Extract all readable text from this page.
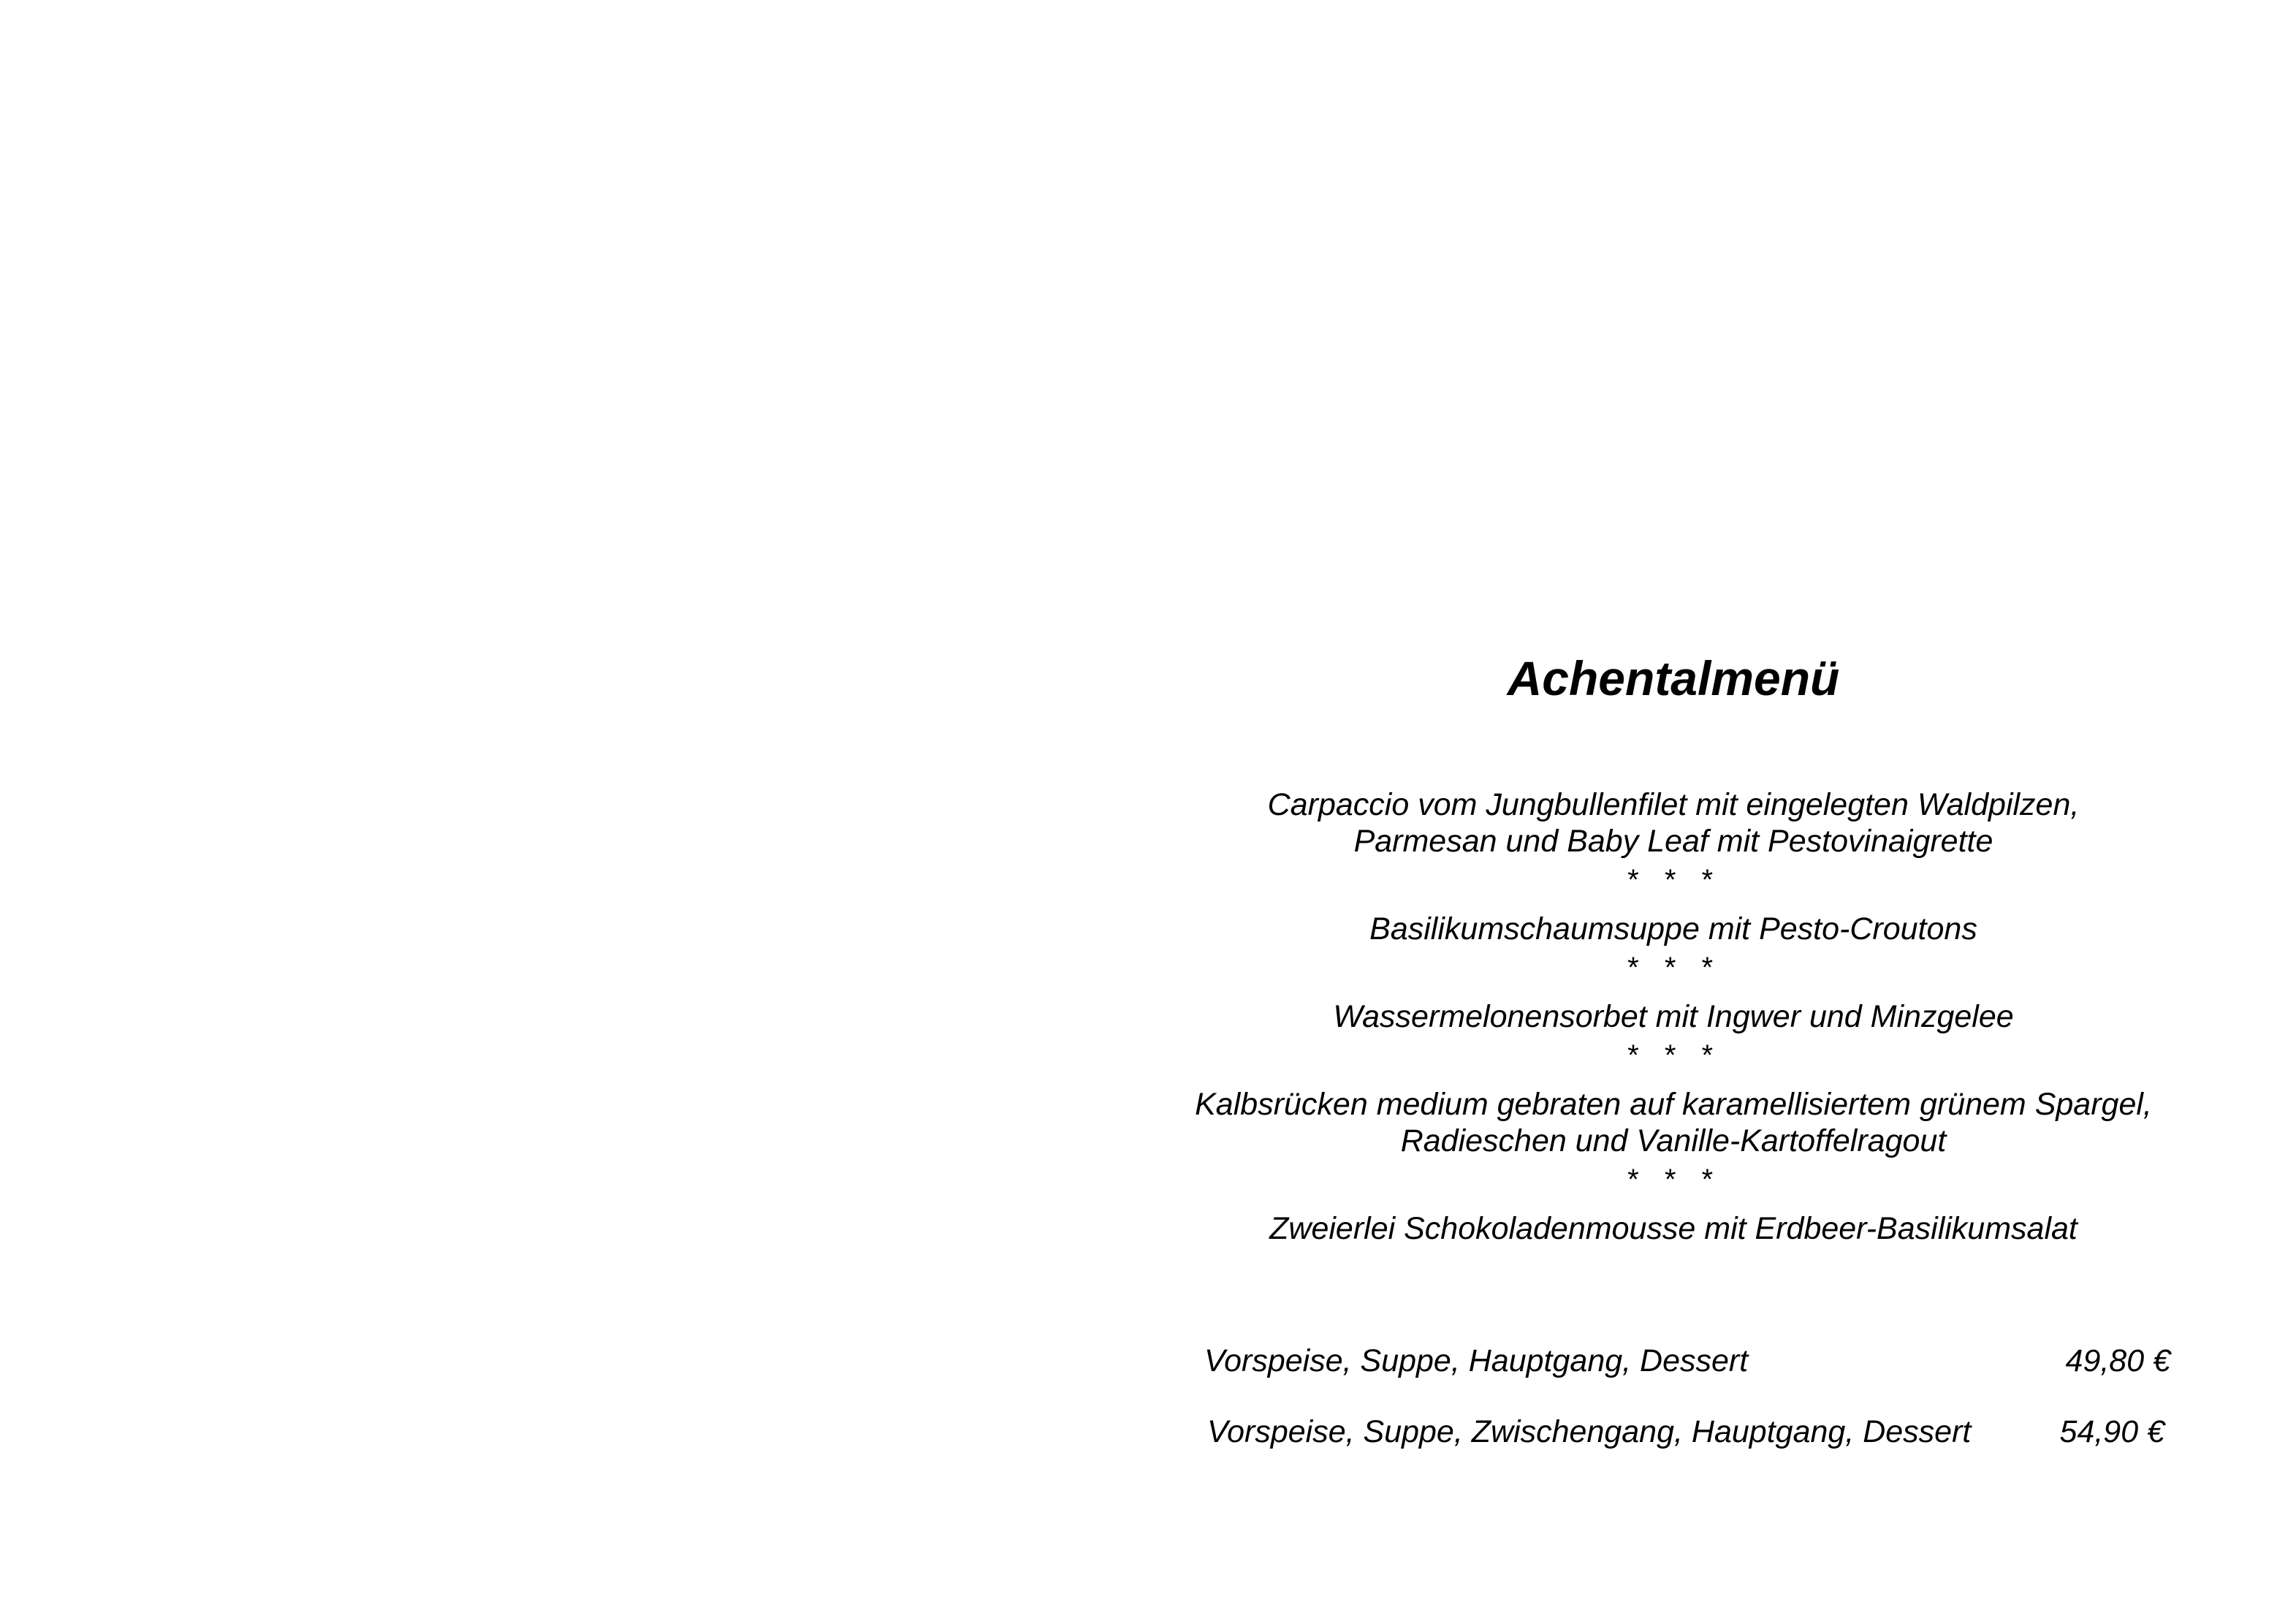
Achentalmenü
Carpaccio vom Jungbullenfilet mit eingelegten Waldpilzen,
Parmesan und Baby Leaf mit Pestovinaigrette
* * *
Basilikumschaumsuppe mit Pesto-Croutons
* * *
Wassermelonensorbet mit Ingwer und Minzgelee
* * *
Kalbsrücken medium gebraten auf karamellisiertem grünem Spargel,
Radieschen und Vanille-Kartoffelragout
* * *
Zweierlei Schokoladenmousse mit Erdbeer-Basilikumsalat
Vorspeise, Suppe, Hauptgang, Dessert	49,80 €
Vorspeise, Suppe, Zwischengang, Hauptgang, Dessert	54,90 €
